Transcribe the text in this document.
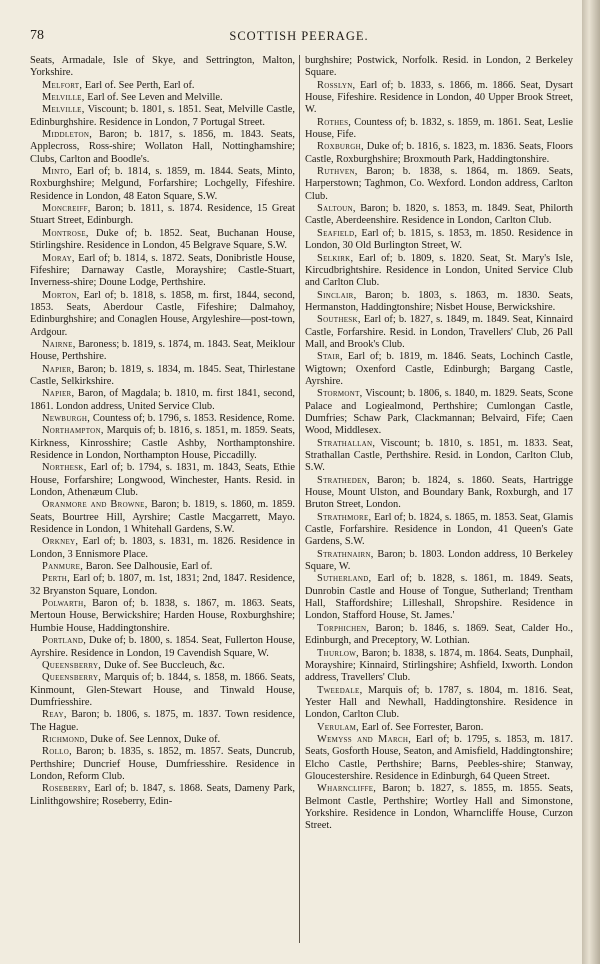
78	SCOTTISH PEERAGE.

Seats, Armadale, Isle of Skye, and Settrington, Malton, Yorkshire.

Melfort, Earl of. See Perth, Earl of.

Melville, Earl of. See Leven and Melville.

Melville, Viscount; b. 1801, s. 1851. Seat, Melville Castle, Edinburghshire. Residence in London, 7 Portugal Street.

Middleton, Baron; b. 1817, s. 1856, m. 1843. Seats, Applecross, Ross-shire; Wollaton Hall, Nottinghamshire; Clubs, Carlton and Boodle's.

Minto, Earl of; b. 1814, s. 1859, m. 1844. Seats, Minto, Roxburghshire; Melgund, Forfarshire; Lochgelly, Fifeshire. Residence in London, 48 Eaton Square, S.W.

Moncreiff, Baron; b. 1811, s. 1874. Residence, 15 Great Stuart Street, Edinburgh.

Montrose, Duke of; b. 1852. Seat, Buchanan House, Stirlingshire. Residence in London, 45 Belgrave Square, S.W.

Moray, Earl of; b. 1814, s. 1872. Seats, Donibristle House, Fifeshire; Darnaway Castle, Morayshire; Castle-Stuart, Inverness-shire; Doune Lodge, Perthshire.

Morton, Earl of; b. 1818, s. 1858, m. first, 1844, second, 1853. Seats, Aberdour Castle, Fifeshire; Dalmahoy, Edinburghshire; and Conaglen House, Argyleshire—post-town, Ardgour.

Nairne, Baroness; b. 1819, s. 1874, m. 1843. Seat, Meiklour House, Perthshire.

Napier, Baron; b. 1819, s. 1834, m. 1845. Seat, Thirlestane Castle, Selkirkshire.

Napier, Baron, of Magdala; b. 1810, m. first 1841, second, 1861. London address, United Service Club.

Newburgh, Countess of; b. 1796, s. 1853. Residence, Rome.

Northampton, Marquis of; b. 1816, s. 1851, m. 1859. Seats, Kirkness, Kinrosshire; Castle Ashby, Northamptonshire. Residence in London, Northampton House, Piccadilly.

Northesk, Earl of; b. 1794, s. 1831, m. 1843, Seats, Ethie House, Forfarshire; Longwood, Winchester, Hants. Resid. in London, Athenæum Club.

Oranmore and Browne, Baron; b. 1819, s. 1860, m. 1859. Seats, Bourtree Hill, Ayrshire; Castle Macgarrett, Mayo. Residence in London, 1 Whitehall Gardens, S.W.

Orkney, Earl of; b. 1803, s. 1831, m. 1826. Residence in London, 3 Ennismore Place.

Panmure, Baron. See Dalhousie, Earl of.

Perth, Earl of; b. 1807, m. 1st, 1831; 2nd, 1847. Residence, 32 Bryanston Square, London.

Polwarth, Baron of; b. 1838, s. 1867, m. 1863. Seats, Mertoun House, Berwickshire; Harden House, Roxburghshire; Humbie House, Haddingtonshire.

Portland, Duke of; b. 1800, s. 1854. Seat, Fullerton House, Ayrshire. Residence in London, 19 Cavendish Square, W.

Queensberry, Duke of. See Buccleuch, &c.

Queensberry, Marquis of; b. 1844, s. 1858, m. 1866. Seats, Kinmount, Glen-Stewart House, and Tinwald House, Dumfriesshire.

Reay, Baron; b. 1806, s. 1875, m. 1837. Town residence, The Hague.

Richmond, Duke of. See Lennox, Duke of.

Rollo, Baron; b. 1835, s. 1852, m. 1857. Seats, Duncrub, Perthshire; Duncrief House, Dumfriesshire. Residence in London, Reform Club.

Roseberry, Earl of; b. 1847, s. 1868. Seats, Dameny Park, Linlithgowshire; Roseberry, Edin-

burghshire; Postwick, Norfolk. Resid. in London, 2 Berkeley Square.

Rosslyn, Earl of; b. 1833, s. 1866, m. 1866. Seat, Dysart House, Fifeshire. Residence in London, 40 Upper Brook Street, W.

Rothes, Countess of; b. 1832, s. 1859, m. 1861. Seat, Leslie House, Fife.

Roxburgh, Duke of; b. 1816, s. 1823, m. 1836. Seats, Floors Castle, Roxburghshire; Broxmouth Park, Haddingtonshire.

Ruthven, Baron; b. 1838, s. 1864, m. 1869. Seats, Harperstown; Taghmon, Co. Wexford. London address, Carlton Club.

Saltoun, Baron; b. 1820, s. 1853, m. 1849. Seat, Philorth Castle, Aberdeenshire. Residence in London, Carlton Club.

Seafield, Earl of; b. 1815, s. 1853, m. 1850. Residence in London, 30 Old Burlington Street, W.

Selkirk, Earl of; b. 1809, s. 1820. Seat, St. Mary's Isle, Kircudbrightshire. Residence in London, United Service Club and Carlton Club.

Sinclair, Baron; b. 1803, s. 1863, m. 1830. Seats, Hermanston, Haddingtonshire; Nisbet House, Berwickshire.

Southesk, Earl of; b. 1827, s. 1849, m. 1849. Seat, Kinnaird Castle, Forfarshire. Resid. in London, Travellers' Club, 26 Pall Mall, and Brook's Club.

Stair, Earl of; b. 1819, m. 1846. Seats, Lochinch Castle, Wigtown; Oxenford Castle, Edinburgh; Bargang Castle, Ayrshire.

Stormont, Viscount; b. 1806, s. 1840, m. 1829. Seats, Scone Palace and Logiealmond, Perthshire; Cumlongan Castle, Dumfries; Schaw Park, Clackmannan; Belvaird, Fife; Caen Wood, Middlesex.

Strathallan, Viscount; b. 1810, s. 1851, m. 1833. Seat, Strathallan Castle, Perthshire. Resid. in London, Carlton Club, S.W.

Stratheden, Baron; b. 1824, s. 1860. Seats, Hartrigge House, Mount Ulston, and Boundary Bank, Roxburgh, and 17 Bruton Street, London.

Strathmore, Earl of; b. 1824, s. 1865, m. 1853. Seat, Glamis Castle, Forfarshire. Residence in London, 41 Queen's Gate Gardens, S.W.

Strathnairn, Baron; b. 1803. London address, 10 Berkeley Square, W.

Sutherland, Earl of; b. 1828, s. 1861, m. 1849. Seats, Dunrobin Castle and House of Tongue, Sutherland; Trentham Hall, Staffordshire; Lilleshall, Shropshire. Residence in London, Stafford House, St. James.'

Torphichen, Baron; b. 1846, s. 1869. Seat, Calder Ho., Edinburgh, and Preceptory, W. Lothian.

Thurlow, Baron; b. 1838, s. 1874, m. 1864. Seats, Dunphail, Morayshire; Kinnaird, Stirlingshire; Ashfield, Ixworth. London address, Travellers' Club.

Tweedale, Marquis of; b. 1787, s. 1804, m. 1816. Seat, Yester Hall and Newhall, Haddingtonshire. Residence in London, Carlton Club.

Verulam, Earl of. See Forrester, Baron.

Wemyss and March, Earl of; b. 1795, s. 1853, m. 1817. Seats, Gosforth House, Seaton, and Amisfield, Haddingtonshire; Elcho Castle, Perthshire; Barns, Peebles-shire; Stanway, Gloucestershire. Residence in Edinburgh, 64 Queen Street.

Wharncliffe, Baron; b. 1827, s. 1855, m. 1855. Seats, Belmont Castle, Perthshire; Wortley Hall and Simonstone, Yorkshire. Residence in London, Wharncliffe House, Curzon Street.
